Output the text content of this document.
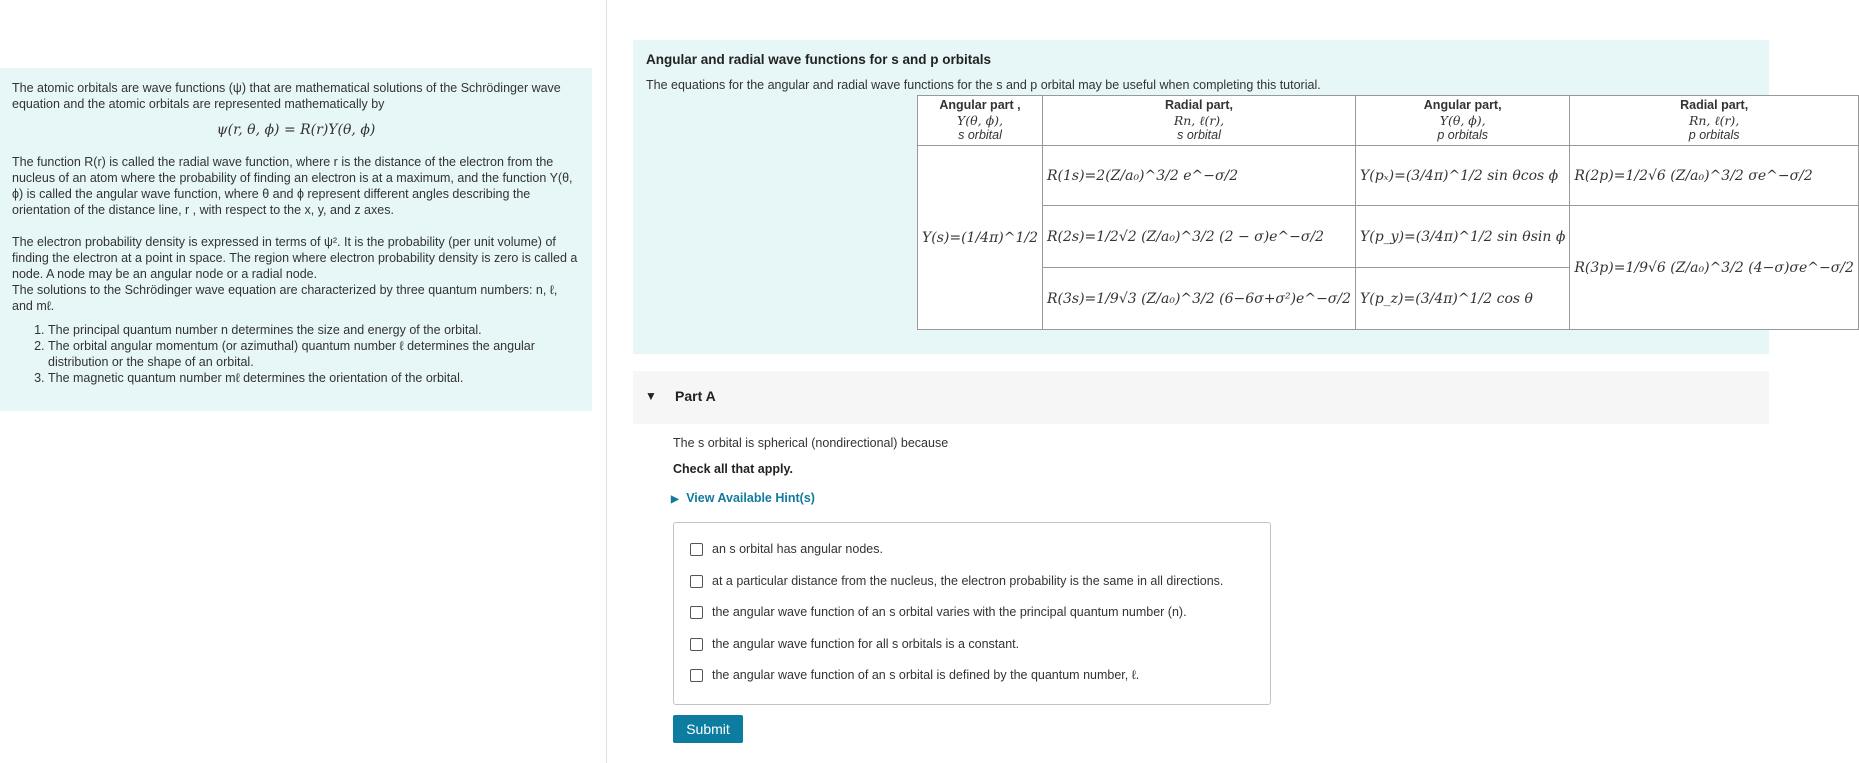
The atomic orbitals are wave functions (ψ) that are mathematical solutions of the Schrödinger wave equation and the atomic orbitals are represented mathematically by

ψ(r, θ, ϕ) = R(r)Y(θ, ϕ)

The function R(r) is called the radial wave function, where r is the distance of the electron from the nucleus of an atom where the probability of finding an electron is at a maximum, and the function Y(θ, ϕ) is called the angular wave function, where θ and ϕ represent different angles describing the orientation of the distance line, r , with respect to the x, y, and z axes.

The electron probability density is expressed in terms of ψ². It is the probability (per unit volume) of finding the electron at a point in space. The region where electron probability density is zero is called a node. A node may be an angular node or a radial node.

The solutions to the Schrödinger wave equation are characterized by three quantum numbers: n, ℓ, and mℓ.

1. The principal quantum number n determines the size and energy of the orbital.
2. The orbital angular momentum (or azimuthal) quantum number ℓ determines the angular distribution or the shape of an orbital.
3. The magnetic quantum number mℓ determines the orientation of the orbital.
Angular and radial wave functions for s and p orbitals
The equations for the angular and radial wave functions for the s and p orbital may be useful when completing this tutorial.
Angular part ,
Y(θ, ϕ),
s orbital	Radial part,
Rn, ℓ(r),
s orbital	Angular part,
Y(θ, ϕ),
p orbitals	Radial part,
Rn, ℓ(r),
p orbitals
Y(s)=(1/4π)^1/2	R(1s)=2(Z/a₀)^3/2 e^−σ/2	Y(pₓ)=(3/4π)^1/2 sin θcos ϕ	R(2p)=1/2√6 (Z/a₀)^3/2 σe^−σ/2
	R(2s)=1/2√2 (Z/a₀)^3/2 (2 − σ)e^−σ/2	Y(p_y)=(3/4π)^1/2 sin θsin ϕ	R(3p)=1/9√6 (Z/a₀)^3/2 (4−σ)σe^−σ/2
	R(3s)=1/9√3 (Z/a₀)^3/2 (6−6σ+σ²)e^−σ/2	Y(p_z)=(3/4π)^1/2 cos θ	
▼ Part A
The s orbital is spherical (nondirectional) because
Check all that apply.
▶ View Available Hint(s)
an s orbital has angular nodes.
at a particular distance from the nucleus, the electron probability is the same in all directions.
the angular wave function of an s orbital varies with the principal quantum number (n).
the angular wave function for all s orbitals is a constant.
the angular wave function of an s orbital is defined by the quantum number, ℓ.
Submit
